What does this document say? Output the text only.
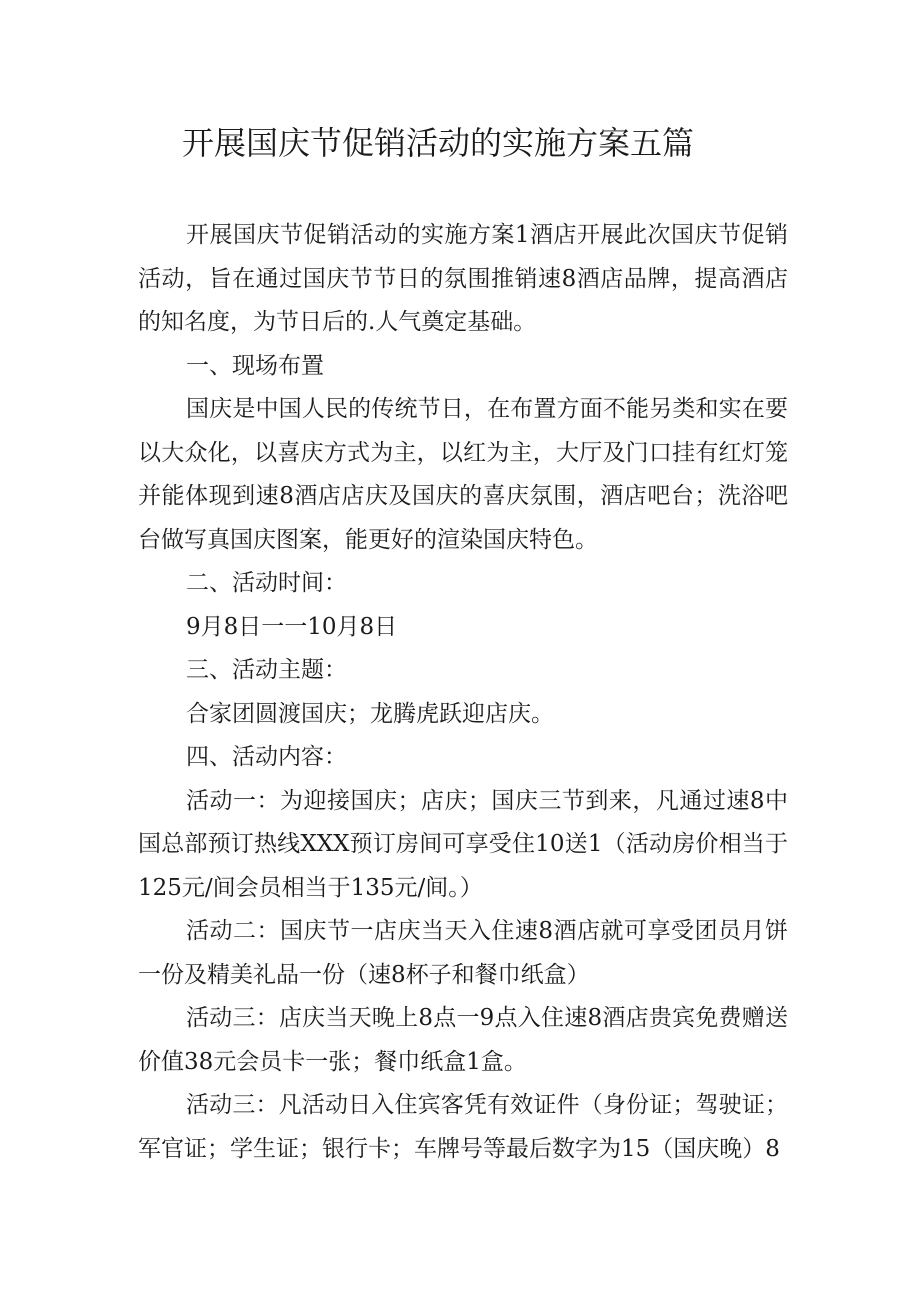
开展国庆节促销活动的实施方案五篇

开展国庆节促销活动的实施方案1酒店开展此次国庆节促销活动，旨在通过国庆节节日的氛围推销速8酒店品牌，提高酒店的知名度，为节日后的.人气奠定基础。

一、现场布置

国庆是中国人民的传统节日，在布置方面不能另类和实在要以大众化，以喜庆方式为主，以红为主，大厅及门口挂有红灯笼并能体现到速8酒店店庆及国庆的喜庆氛围，酒店吧台；洗浴吧台做写真国庆图案，能更好的渲染国庆特色。

二、活动时间：

9月8日一一10月8日

三、活动主题：

合家团圆渡国庆；龙腾虎跃迎店庆。

四、活动内容：

活动一：为迎接国庆；店庆；国庆三节到来，凡通过速8中国总部预订热线XXX预订房间可享受住10送1（活动房价相当于125元/间会员相当于135元/间。）

活动二：国庆节一店庆当天入住速8酒店就可享受团员月饼一份及精美礼品一份（速8杯子和餐巾纸盒）

活动三：店庆当天晚上8点一9点入住速8酒店贵宾免费赠送价值38元会员卡一张；餐巾纸盒1盒。

活动三：凡活动日入住宾客凭有效证件（身份证；驾驶证；军官证；学生证；银行卡；车牌号等最后数字为15（国庆晚）8
